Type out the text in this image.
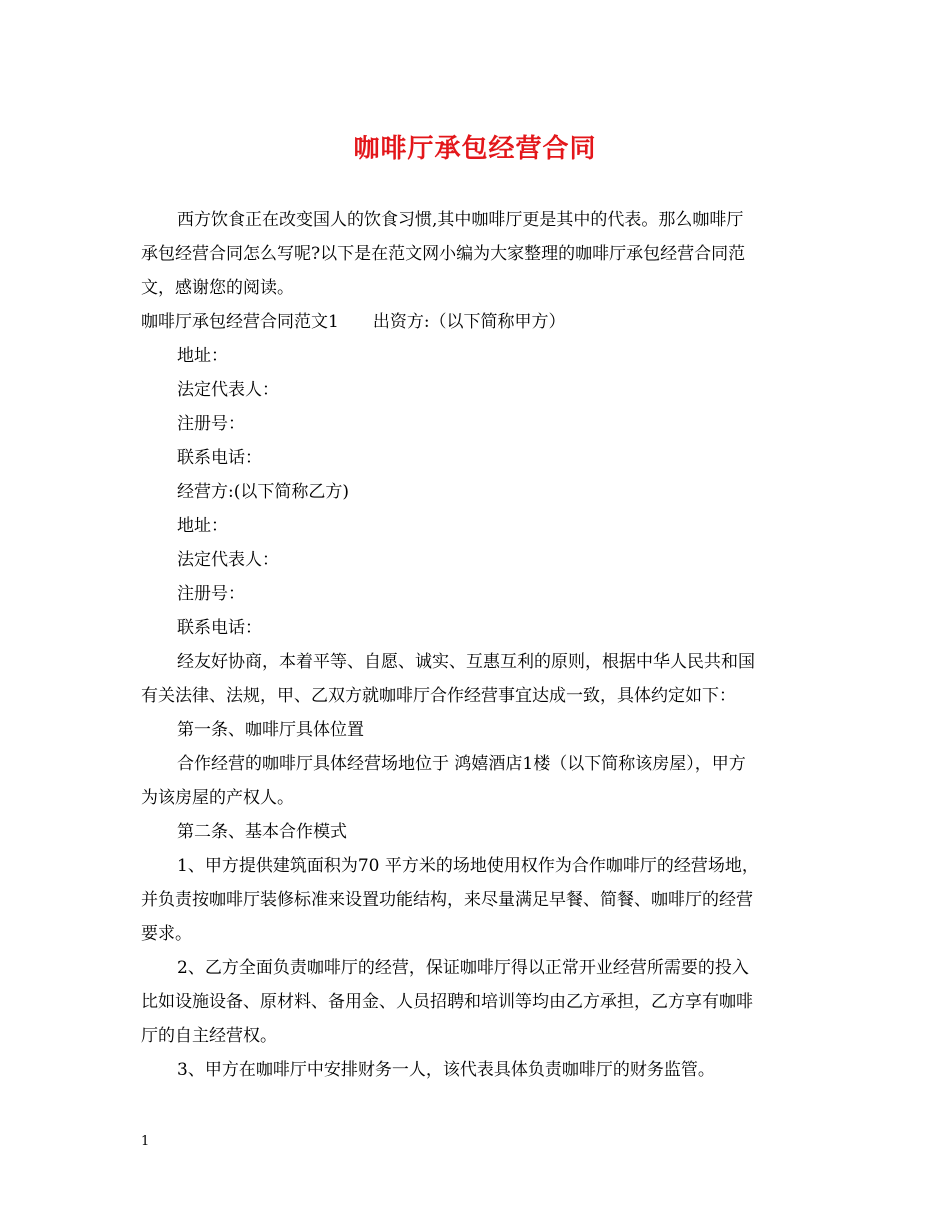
咖啡厅承包经营合同

西方饮食正在改变国人的饮食习惯,其中咖啡厅更是其中的代表。那么咖啡厅

承包经营合同怎么写呢?以下是在范文网小编为大家整理的咖啡厅承包经营合同范

文，感谢您的阅读。

咖啡厅承包经营合同范文1　　出资方:（以下简称甲方）

地址：

法定代表人：

注册号：

联系电话：

经营方:(以下简称乙方)

地址：

法定代表人：

注册号：

联系电话：

经友好协商，本着平等、自愿、诚实、互惠互利的原则，根据中华人民共和国

有关法律、法规，甲、乙双方就咖啡厅合作经营事宜达成一致，具体约定如下：

第一条、咖啡厅具体位置

合作经营的咖啡厅具体经营场地位于 鸿嬉酒店1楼（以下简称该房屋），甲方

为该房屋的产权人。

第二条、基本合作模式

1、甲方提供建筑面积为70 平方米的场地使用权作为合作咖啡厅的经营场地，

并负责按咖啡厅装修标准来设置功能结构，来尽量满足早餐、简餐、咖啡厅的经营

要求。

2、乙方全面负责咖啡厅的经营，保证咖啡厅得以正常开业经营所需要的投入

比如设施设备、原材料、备用金、人员招聘和培训等均由乙方承担，乙方享有咖啡

厅的自主经营权。

3、甲方在咖啡厅中安排财务一人，该代表具体负责咖啡厅的财务监管。

1
